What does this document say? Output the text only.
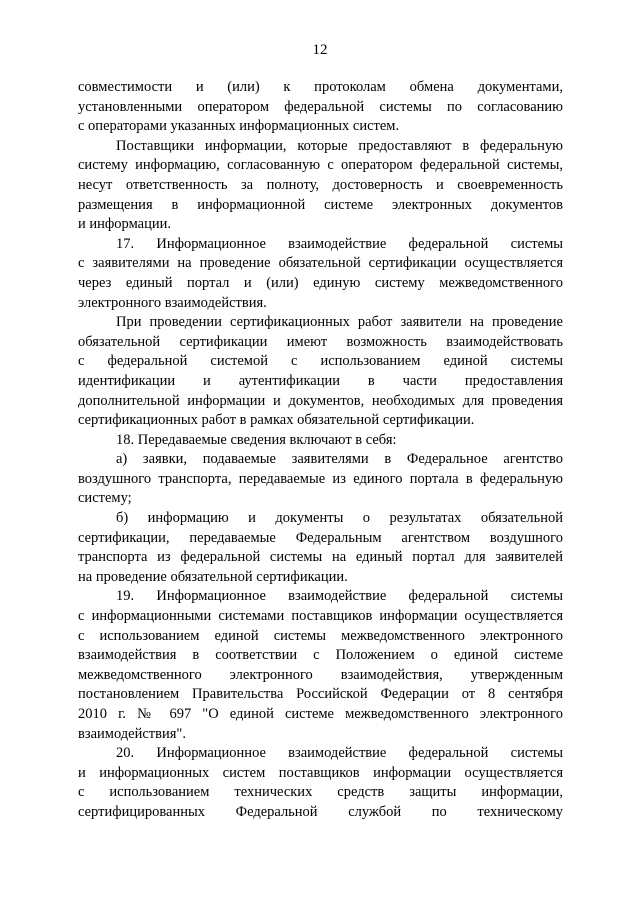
12

совместимости и (или) к протоколам обмена документами,
установленными оператором федеральной системы по согласованию
с операторами указанных информационных систем.

Поставщики информации, которые предоставляют в федеральную
систему информацию, согласованную с оператором федеральной системы,
несут ответственность за полноту, достоверность и своевременность
размещения в информационной системе электронных документов
и информации.

17. Информационное взаимодействие федеральной системы
с заявителями на проведение обязательной сертификации осуществляется
через единый портал и (или) единую систему межведомственного
электронного взаимодействия.

При проведении сертификационных работ заявители на проведение
обязательной сертификации имеют возможность взаимодействовать
с федеральной системой с использованием единой системы
идентификации и аутентификации в части предоставления
дополнительной информации и документов, необходимых для проведения
сертификационных работ в рамках обязательной сертификации.

18. Передаваемые сведения включают в себя:

а) заявки, подаваемые заявителями в Федеральное агентство
воздушного транспорта, передаваемые из единого портала в федеральную
систему;

б) информацию и документы о результатах обязательной
сертификации, передаваемые Федеральным агентством воздушного
транспорта из федеральной системы на единый портал для заявителей
на проведение обязательной сертификации.

19. Информационное взаимодействие федеральной системы
с информационными системами поставщиков информации осуществляется
с использованием единой системы межведомственного электронного
взаимодействия в соответствии с Положением о единой системе
межведомственного электронного взаимодействия, утвержденным
постановлением Правительства Российской Федерации от 8 сентября
2010 г. № 697 "О единой системе межведомственного электронного
взаимодействия".

20. Информационное взаимодействие федеральной системы
и информационных систем поставщиков информации осуществляется
с использованием технических средств защиты информации,
сертифицированных Федеральной службой по техническому
